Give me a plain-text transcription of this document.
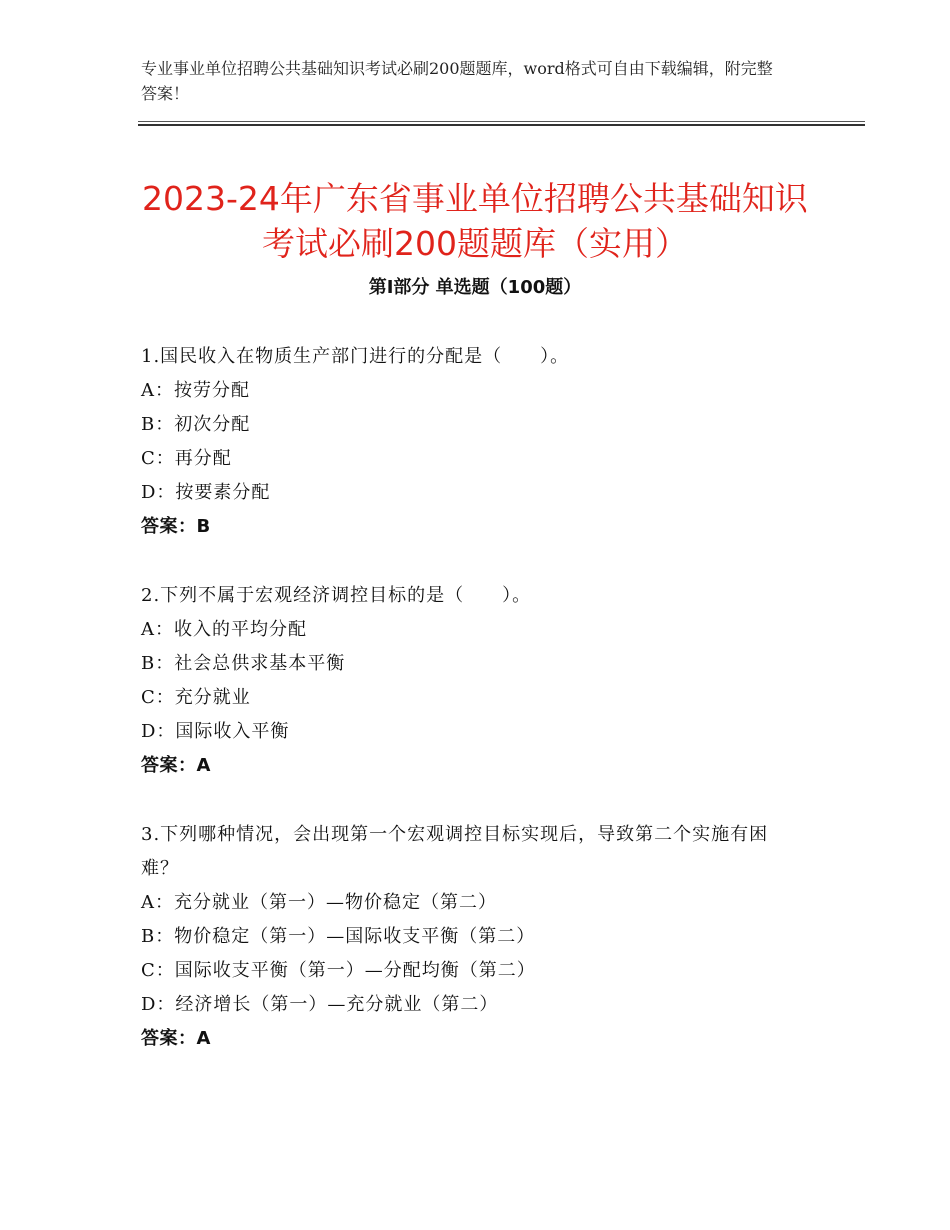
专业事业单位招聘公共基础知识考试必刷200题题库，word格式可自由下载编辑，附完整答案！
2023-24年广东省事业单位招聘公共基础知识考试必刷200题题库（实用）
第Ⅰ部分 单选题（100题）
1.国民收入在物质生产部门进行的分配是（　　）。
A：按劳分配
B：初次分配
C：再分配
D：按要素分配
答案：B
2.下列不属于宏观经济调控目标的是（　　）。
A：收入的平均分配
B：社会总供求基本平衡
C：充分就业
D：国际收入平衡
答案：A
3.下列哪种情况，会出现第一个宏观调控目标实现后，导致第二个实施有困难？
A：充分就业（第一）—物价稳定（第二）
B：物价稳定（第一）—国际收支平衡（第二）
C：国际收支平衡（第一）—分配均衡（第二）
D：经济增长（第一）—充分就业（第二）
答案：A
